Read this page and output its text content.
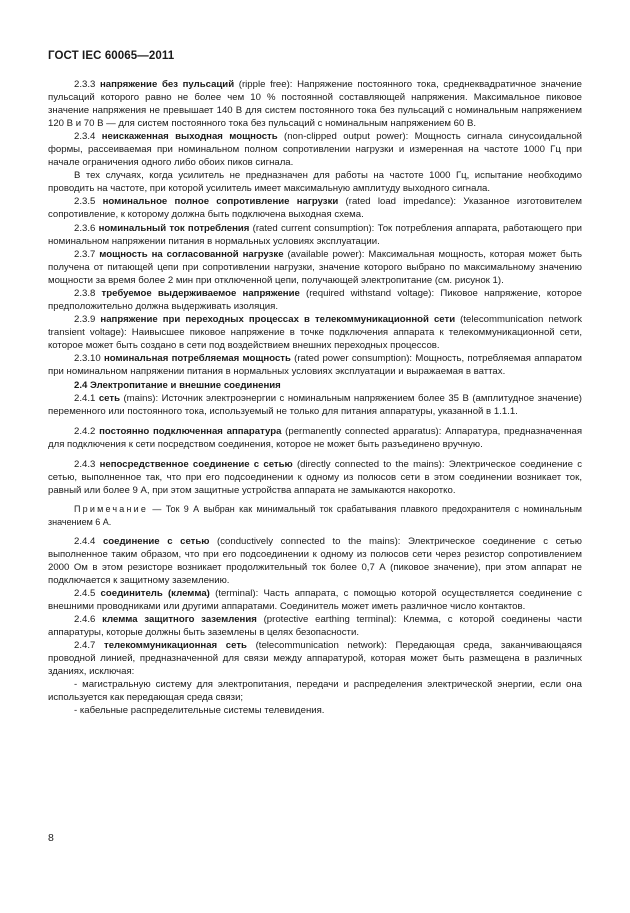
ГОСТ IEC 60065—2011

2.3.3 напряжение без пульсаций (ripple free): Напряжение постоянного тока, среднеквадратичное значение пульсаций которого равно не более чем 10 % постоянной составляющей напряжения. Максимальное пиковое значение напряжения не превышает 140 В для систем постоянного тока без пульсаций с номинальным напряжением 120 В и 70 В — для систем постоянного тока без пульсаций с номинальным напряжением 60 В.

2.3.4 неискаженная выходная мощность (non-clipped output power): Мощность сигнала синусоидальной формы, рассеиваемая при номинальном полном сопротивлении нагрузки и измеренная на частоте 1000 Гц при начале ограничения одного либо обоих пиков сигнала.

В тех случаях, когда усилитель не предназначен для работы на частоте 1000 Гц, испытание необходимо проводить на частоте, при которой усилитель имеет максимальную амплитуду выходного сигнала.

2.3.5 номинальное полное сопротивление нагрузки (rated load impedance): Указанное изготовителем сопротивление, к которому должна быть подключена выходная схема.

2.3.6 номинальный ток потребления (rated current consumption): Ток потребления аппарата, работающего при номинальном напряжении питания в нормальных условиях эксплуатации.

2.3.7 мощность на согласованной нагрузке (available power): Максимальная мощность, которая может быть получена от питающей цепи при сопротивлении нагрузки, значение которого выбрано по максимальному значению мощности за время более 2 мин при отключенной цепи, получающей электропитание (см. рисунок 1).

2.3.8 требуемое выдерживаемое напряжение (required withstand voltage): Пиковое напряжение, которое предположительно должна выдерживать изоляция.

2.3.9 напряжение при переходных процессах в телекоммуникационной сети (telecommunication network transient voltage): Наивысшее пиковое напряжение в точке подключения аппарата к телекоммуникационной сети, которое может быть создано в сети под воздействием внешних переходных процессов.

2.3.10 номинальная потребляемая мощность (rated power consumption): Мощность, потребляемая аппаратом при номинальном напряжении питания в нормальных условиях эксплуатации и выражаемая в ваттах.

2.4 Электропитание и внешние соединения

2.4.1 сеть (mains): Источник электроэнергии с номинальным напряжением более 35 В (амплитудное значение) переменного или постоянного тока, используемый не только для питания аппаратуры, указанной в 1.1.1.

2.4.2 постоянно подключенная аппаратура (permanently connected apparatus): Аппаратура, предназначенная для подключения к сети посредством соединения, которое не может быть разъединено вручную.

2.4.3 непосредственное соединение с сетью (directly connected to the mains): Электрическое соединение с сетью, выполненное так, что при его подсоединении к одному из полюсов сети в этом соединении возникает ток, равный или более 9 А, при этом защитные устройства аппарата не замыкаются накоротко.

Примечание — Ток 9 А выбран как минимальный ток срабатывания плавкого предохранителя с номинальным значением 6 А.

2.4.4 соединение с сетью (conductively connected to the mains): Электрическое соединение с сетью выполненное таким образом, что при его подсоединении к одному из полюсов сети через резистор сопротивлением 2000 Ом в этом резисторе возникает продолжительный ток более 0,7 А (пиковое значение), при этом аппарат не подключается к защитному заземлению.

2.4.5 соединитель (клемма) (terminal): Часть аппарата, с помощью которой осуществляется соединение с внешними проводниками или другими аппаратами. Соединитель может иметь различное число контактов.

2.4.6 клемма защитного заземления (protective earthing terminal): Клемма, с которой соединены части аппаратуры, которые должны быть заземлены в целях безопасности.

2.4.7 телекоммуникационная сеть (telecommunication network): Передающая среда, заканчивающаяся проводной линией, предназначенной для связи между аппаратурой, которая может быть размещена в различных зданиях, исключая:

- магистральную систему для электропитания, передачи и распределения электрической энергии, если она используется как передающая среда связи;

- кабельные распределительные системы телевидения.

8
